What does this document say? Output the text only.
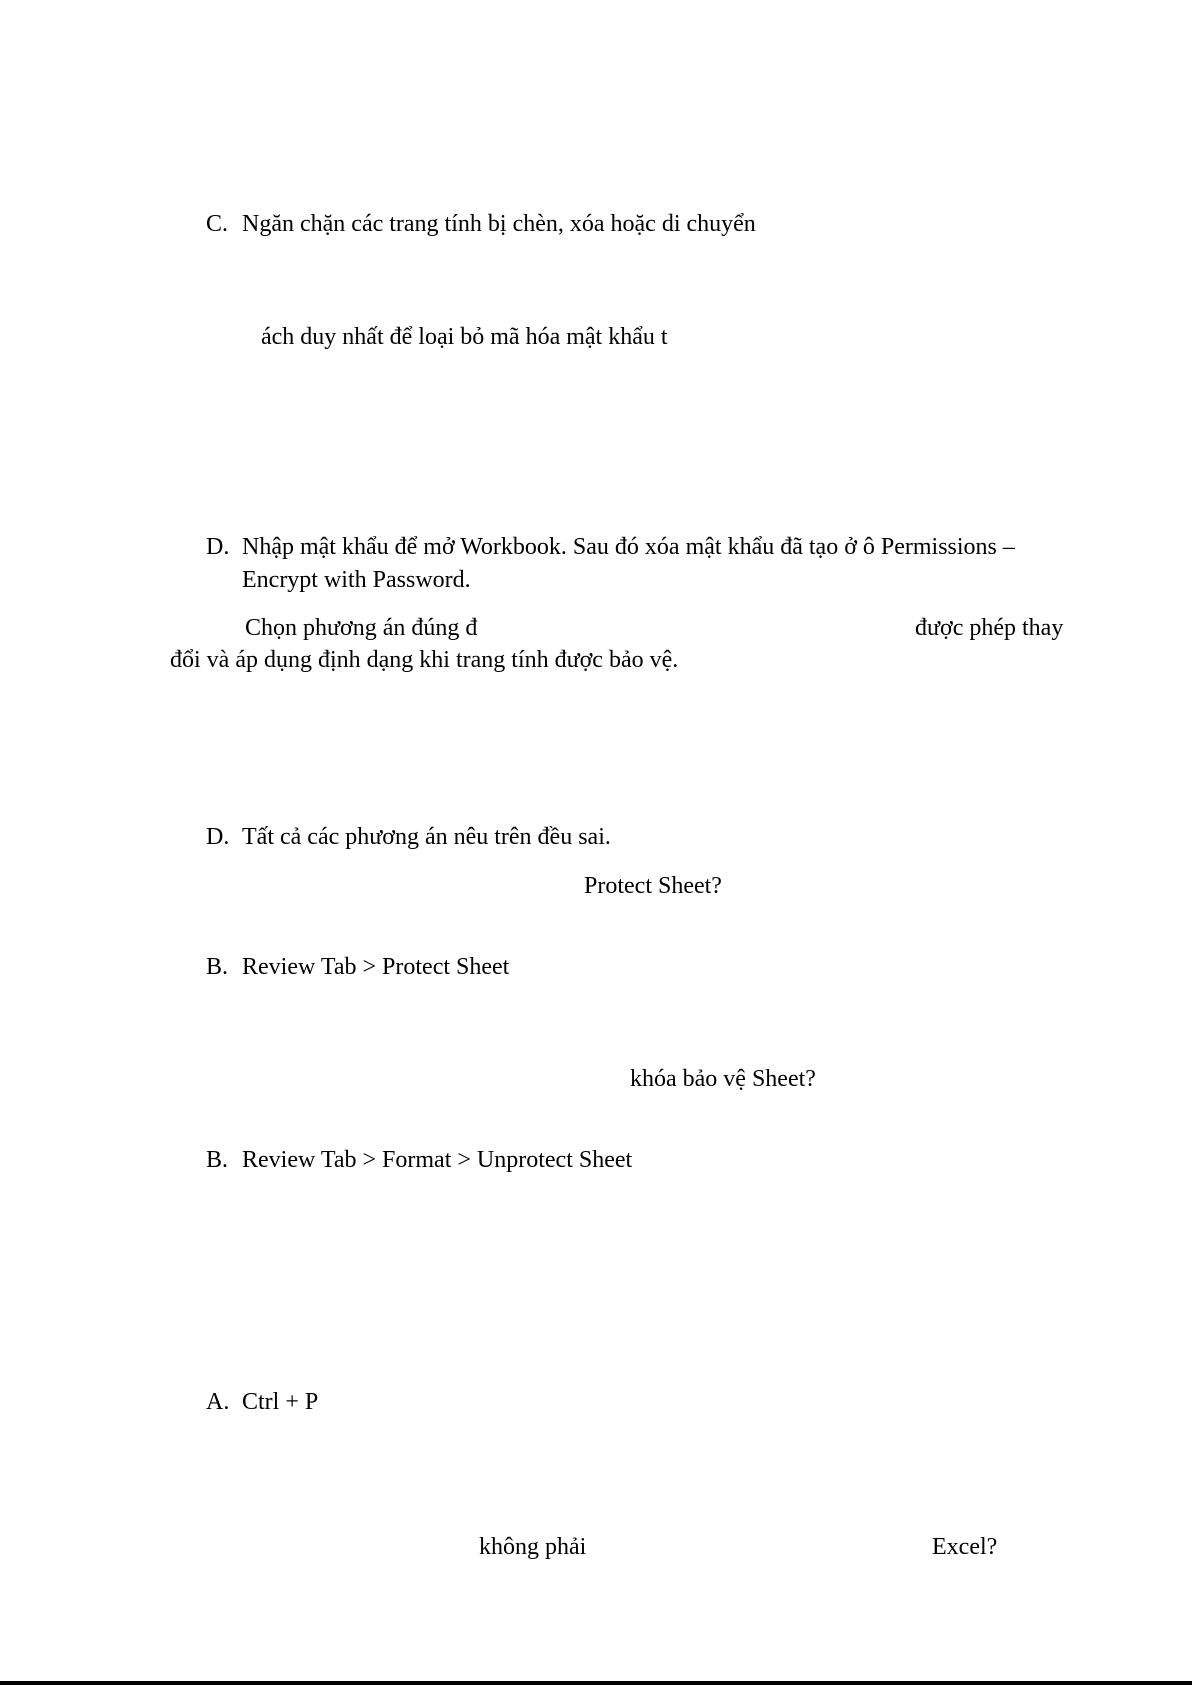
C. Ngăn chặn các trang tính bị chèn, xóa hoặc di chuyển
ách duy nhất để loại bỏ mã hóa mật khẩu t
D. Nhập mật khẩu để mở Workbook. Sau đó xóa mật khẩu đã tạo ở ô Permissions –
Encrypt with Password.
Chọn phương án đúng đ	được phép thay
đổi và áp dụng định dạng khi trang tính được bảo vệ.
D. Tất cả các phương án nêu trên đều sai.
Protect Sheet?
B. Review Tab > Protect Sheet
khóa bảo vệ Sheet?
B. Review Tab > Format > Unprotect Sheet
A. Ctrl + P
không phải	Excel?
